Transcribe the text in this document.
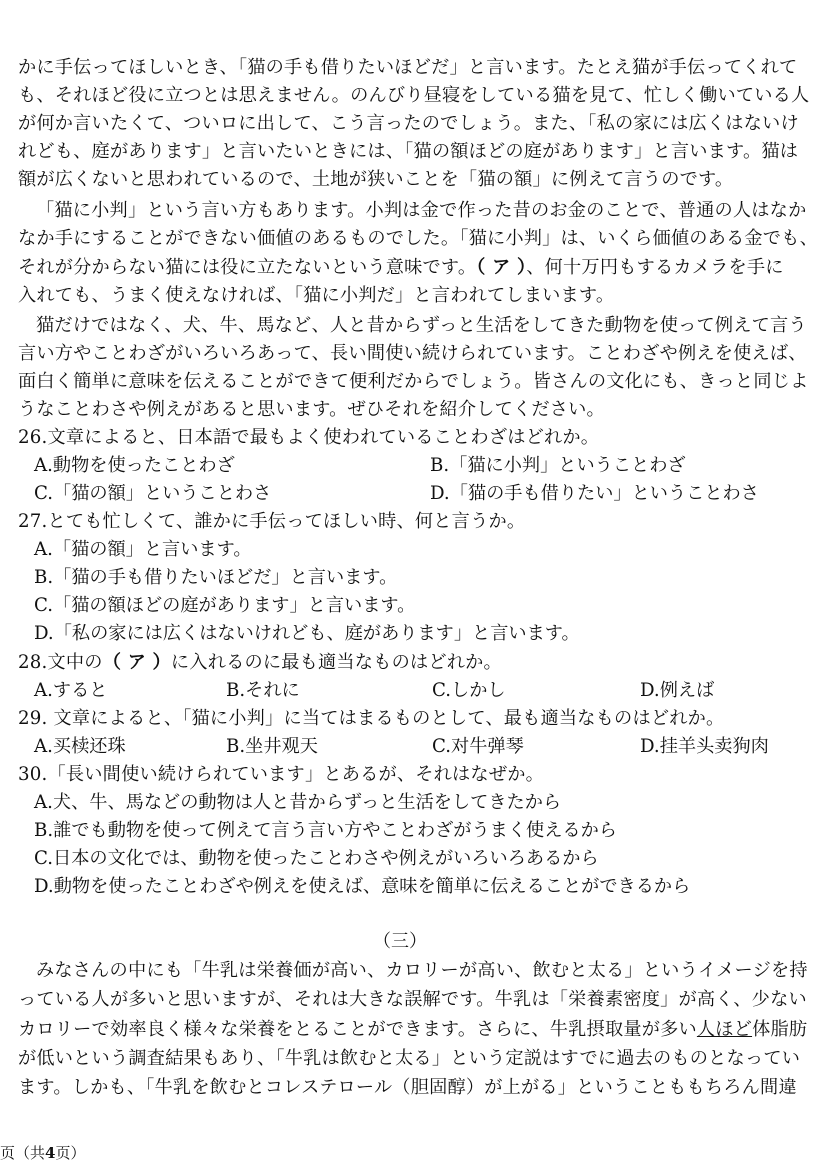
かに手伝ってほしいとき、「猫の手も借りたいほどだ」と言います。たとえ猫が手伝ってくれて
も、それほど役に立つとは思えません。のんびり昼寝をしている猫を見て、忙しく働いている人
が何か言いたくて、ついロに出して、こう言ったのでしょう。また、「私の家には広くはないけ
れども、庭があります」と言いたいときには、「猫の額ほどの庭があります」と言います。猫は
額が広くないと思われているので、土地が狭いことを「猫の額」に例えて言うのです。
「猫に小判」という言い方もあります。小判は金で作った昔のお金のことで、普通の人はなか
なか手にすることができない価値のあるものでした。「猫に小判」は、いくら価値のある金でも、
それが分からない猫には役に立たないという意味です。（ ア ）、何十万円もするカメラを手に
入れても、うまく使えなければ、「猫に小判だ」と言われてしまいます。
猫だけではなく、犬、牛、馬など、人と昔からずっと生活をしてきた動物を使って例えて言う
言い方やことわざがいろいろあって、長い間使い続けられています。ことわざや例えを使えば、
面白く簡単に意味を伝えることができて便利だからでしょう。皆さんの文化にも、きっと同じよ
うなことわさや例えがあると思います。ぜひそれを紹介してください。
26.文章によると、日本語で最もよく使われていることわざはどれか。
A.動物を使ったことわざ	B.「猫に小判」ということわざ
C.「猫の額」ということわさ	D.「猫の手も借りたい」ということわさ
27.とても忙しくて、誰かに手伝ってほしい時、何と言うか。
A.「猫の額」と言います。
B.「猫の手も借りたいほどだ」と言います。
C.「猫の額ほどの庭があります」と言います。
D.「私の家には広くはないけれども、庭があります」と言います。
28.文中の（ ア ）に入れるのに最も適当なものはどれか。
A.すると	B.それに	C.しかし	D.例えば
29. 文章によると、「猫に小判」に当てはまるものとして、最も適当なものはどれか。
A.买椟还珠	B.坐井观天	C.对牛弹琴	D.挂羊头卖狗肉
30.「長い間使い続けられています」とあるが、それはなぜか。
A.犬、牛、馬などの動物は人と昔からずっと生活をしてきたから
B.誰でも動物を使って例えて言う言い方やことわざがうまく使えるから
C.日本の文化では、動物を使ったことわさや例えがいろいろあるから
D.動物を使ったことわざや例えを使えば、意味を簡単に伝えることができるから
（三）
みなさんの中にも「牛乳は栄養価が高い、カロリーが高い、飲むと太る」というイメージを持
っている人が多いと思いますが、それは大きな誤解です。牛乳は「栄養素密度」が高く、少ない
カロリーで効率良く様々な栄養をとることができます。さらに、牛乳摂取量が多い人ほど体脂肪
が低いという調査結果もあり、「牛乳は飲むと太る」という定説はすでに過去のものとなってい
ます。しかも、「牛乳を飲むとコレステロール（胆固醇）が上がる」ということももちろん間違
页（共4页）
